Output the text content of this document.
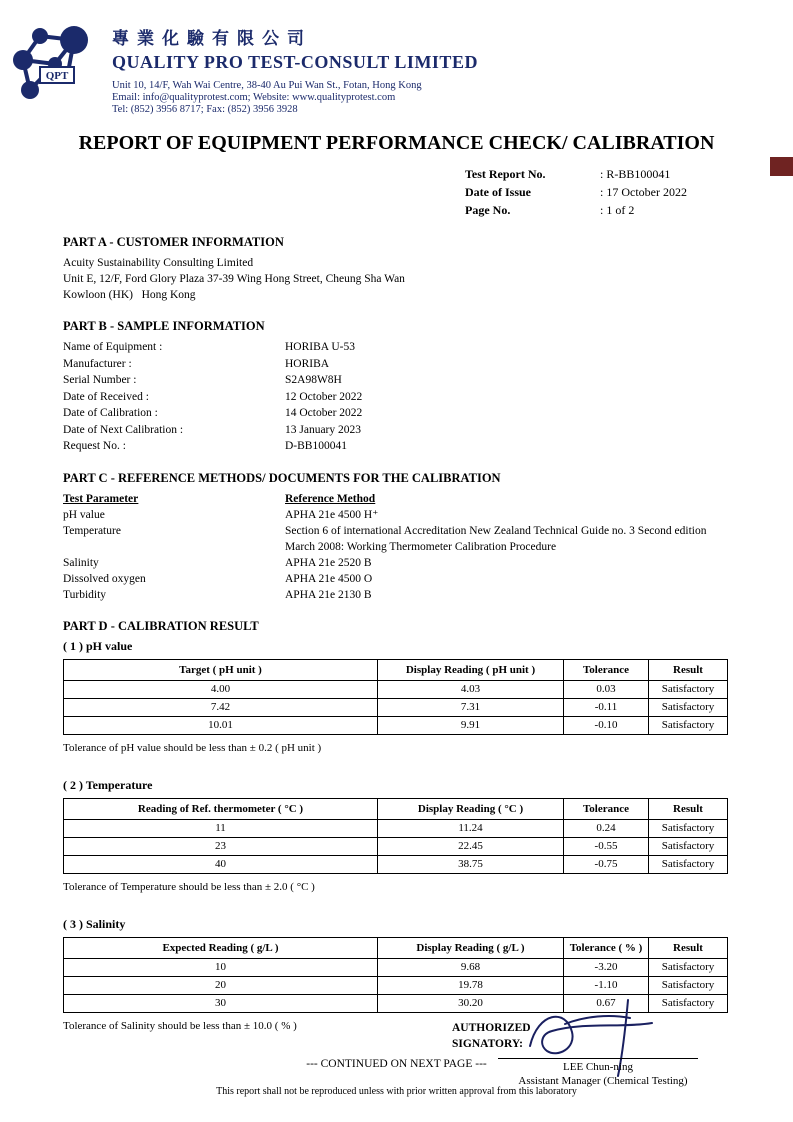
QPT
專業化驗有限公司
QUALITY PRO TEST-CONSULT LIMITED
Unit 10, 14/F, Wah Wai Centre, 38-40 Au Pui Wan St., Fotan, Hong Kong
Email: info@qualityprotest.com; Website: www.qualityprotest.com
Tel: (852) 3956 8717; Fax: (852) 3956 3928
REPORT OF EQUIPMENT PERFORMANCE CHECK/ CALIBRATION
Test Report No.	: R-BB100041
Date of Issue	: 17 October 2022
Page No.	: 1 of 2
PART A - CUSTOMER INFORMATION
Acuity Sustainability Consulting Limited
Unit E, 12/F, Ford Glory Plaza 37-39 Wing Hong Street, Cheung Sha Wan
Kowloon (HK)   Hong Kong
PART B - SAMPLE INFORMATION
Name of Equipment :	HORIBA U-53
Manufacturer :	HORIBA
Serial Number :	S2A98W8H
Date of Received :	12 October 2022
Date of Calibration :	14 October 2022
Date of Next Calibration :	13 January 2023
Request No. :	D-BB100041
PART C - REFERENCE METHODS/ DOCUMENTS FOR THE CALIBRATION
Test Parameter	Reference Method
pH value	APHA 21e 4500 H⁺
Temperature	Section 6 of international Accreditation New Zealand Technical Guide no. 3 Second edition March 2008: Working Thermometer Calibration Procedure
Salinity	APHA 21e 2520 B
Dissolved oxygen	APHA 21e 4500 O
Turbidity	APHA 21e 2130 B
PART D - CALIBRATION RESULT
( 1 ) pH value
Target ( pH unit )	Display Reading ( pH unit )	Tolerance	Result
4.00	4.03	0.03	Satisfactory
7.42	7.31	-0.11	Satisfactory
10.01	9.91	-0.10	Satisfactory
Tolerance of pH value should be less than ± 0.2 ( pH unit )
( 2 ) Temperature
Reading of Ref. thermometer ( °C )	Display Reading ( °C )	Tolerance	Result
11	11.24	0.24	Satisfactory
23	22.45	-0.55	Satisfactory
40	38.75	-0.75	Satisfactory
Tolerance of Temperature should be less than ± 2.0 ( °C )
( 3 ) Salinity
Expected Reading ( g/L )	Display Reading ( g/L )	Tolerance ( % )	Result
10	9.68	-3.20	Satisfactory
20	19.78	-1.10	Satisfactory
30	30.20	0.67	Satisfactory
Tolerance of Salinity should be less than ± 10.0 ( % )
--- CONTINUED ON NEXT PAGE ---
AUTHORIZED
SIGNATORY:
LEE Chun-ning
Assistant Manager (Chemical Testing)
This report shall not be reproduced unless with prior written approval from this laboratory
